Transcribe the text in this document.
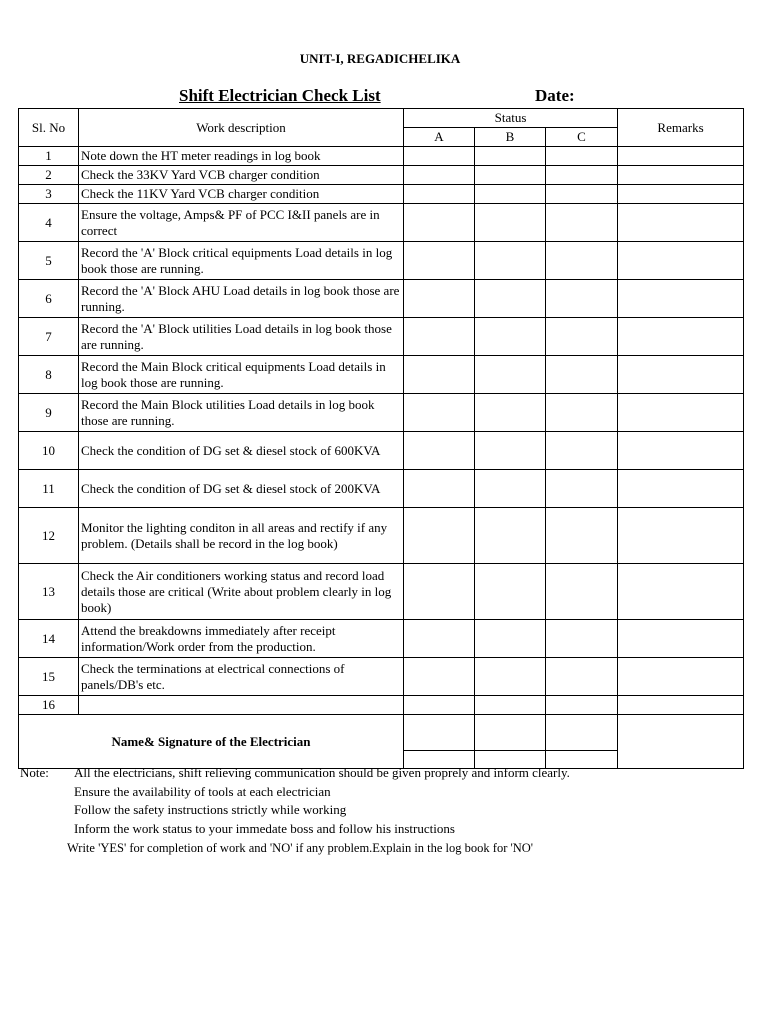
UNIT-I, REGADICHELIKA
Shift Electrician Check List	Date:
Sl. No	Work description	Status			Remarks
		A	B	C	
1	Note down the HT meter readings in log book				
2	Check the 33KV Yard VCB charger condition				
3	Check the 11KV Yard VCB charger condition				
4	Ensure the voltage, Amps& PF of PCC I&II panels are in correct				
5	Record the 'A' Block critical equipments Load details in log book those are running.				
6	Record the 'A' Block AHU Load details in log book those are running.				
7	Record the 'A' Block utilities Load details in log book those are running.				
8	Record the Main Block critical equipments Load details in log book those are running.				
9	Record the Main Block utilities Load details in log book those are running.				
10	Check the condition of DG set & diesel stock of 600KVA				
11	Check the condition of DG set & diesel stock of 200KVA				
12	Monitor the lighting conditon in all areas and rectify if any problem. (Details shall be record in the log book)				
13	Check the Air conditioners working status and record load details those are critical (Write about problem clearly in log book)				
14	Attend the breakdowns immediately after receipt information/Work order from the production.				
15	Check the terminations at electrical connections of panels/DB's etc.				
16					
Name& Signature of the Electrician					

Note: All the electricians, shift relieving communication should be given proprely and inform clearly.
Ensure the availability of tools at each electrician
Follow the safety instructions strictly while working
Inform the work status to your immedate boss and follow his instructions
Write 'YES' for completion of work and 'NO' if any problem.Explain in the log book for 'NO'
